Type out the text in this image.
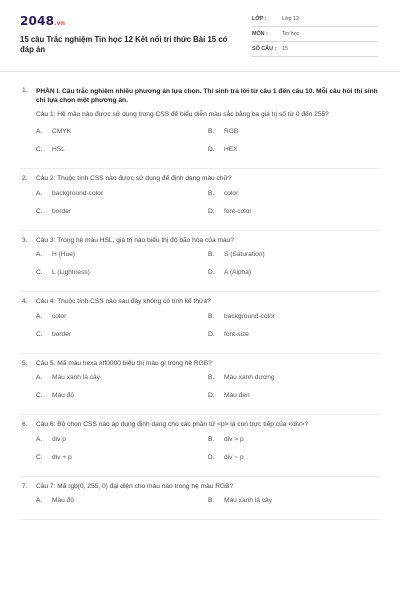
2048.vn
15 câu Trắc nghiệm Tin học 12 Kết nối tri thức Bài 15 có đáp án
LỚP :	Lớp 12
MÔN :	Tin học
SỐ CÂU :	15
1.	PHẦN I. Câu trắc nghiệm nhiều phương án lựa chọn. Thí sinh trả lời từ câu 1 đến câu 10. Mỗi câu hỏi thí sinh chỉ lựa chọn một phương án.
Câu 1: Hệ màu nào được sử dụng trong CSS để biểu diễn màu sắc bằng ba giá trị số từ 0 đến 255?
A.	CMYK	B.	RGB
C.	HSL	D.	HEX
2.	Câu 2: Thuộc tính CSS nào được sử dụng để định dạng màu chữ?
A.	background-color	B.	color
C.	border	D.	font-color
3.	Câu 3: Trong hệ màu HSL, giá trị nào biểu thị độ bão hòa của màu?
A.	H (Hue)	B.	S (Saturation)
C.	L (Lightness)	D.	A (Alpha)
4.	Câu 4: Thuộc tính CSS nào sau đây không có tính kế thừa?
A.	color	B.	background-color
C.	border	D.	font-size
5.	Câu 5: Mã màu hexa #ff0000 biểu thị màu gì trong hệ RGB?
A.	Màu xanh lá cây	B.	Màu xanh dương
C.	Màu đỏ	D.	Màu đen
6.	Câu 6: Bộ chọn CSS nào áp dụng định dạng cho các phần tử <p> là con trực tiếp của <div>?
A.	div p	B.	div > p
C.	div + p	D.	div ~ p
7.	Câu 7: Mã rgb(0, 255, 0) đại diện cho màu nào trong hệ màu RGB?
A.	Màu đỏ	B.	Màu xanh lá cây
